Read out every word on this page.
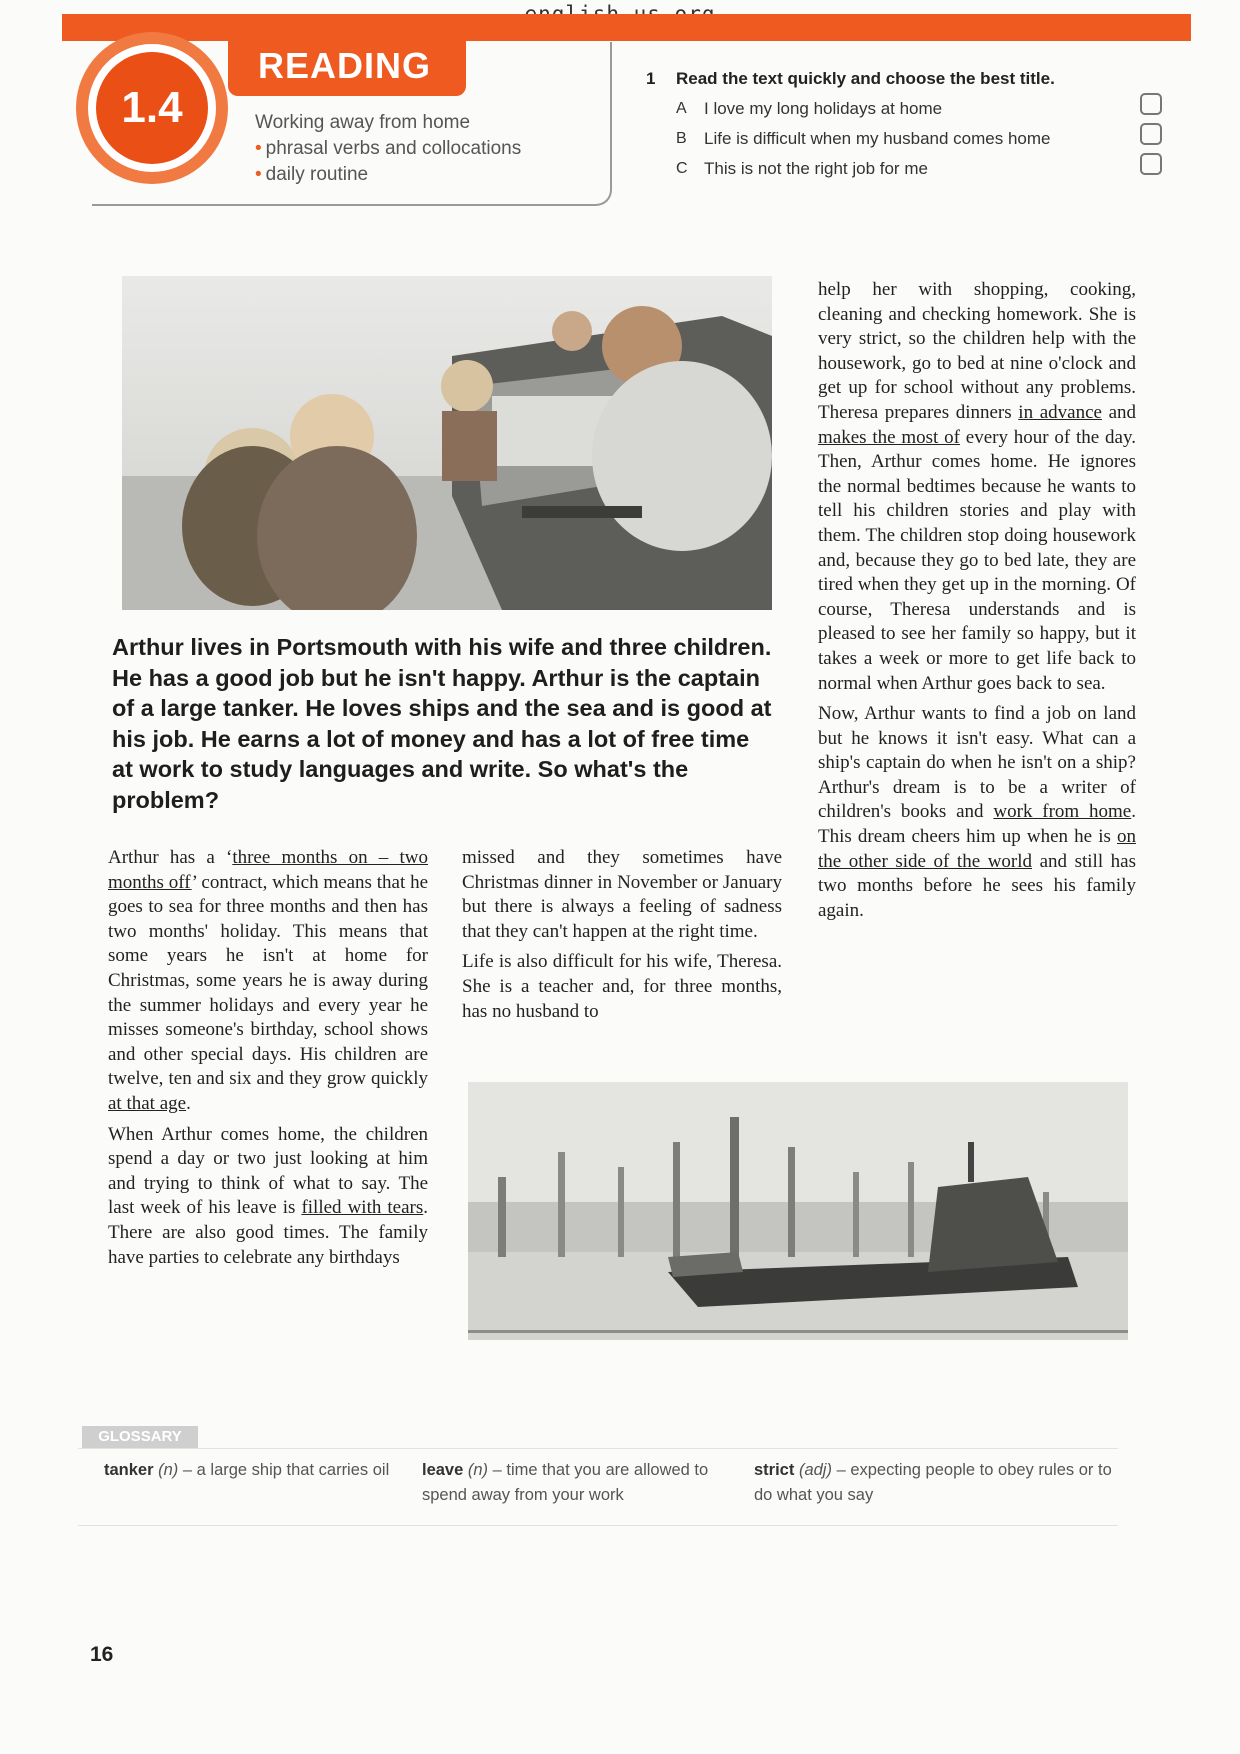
READING
1.4	Working away from home
• phrasal verbs and collocations
• daily routine
1 Read the text quickly and choose the best title.
A I love my long holidays at home
B Life is difficult when my husband comes home
C This is not the right job for me
Arthur lives in Portsmouth with his wife and three children. He has a good job but he isn't happy. Arthur is the captain of a large tanker. He loves ships and the sea and is good at his job. He earns a lot of money and has a lot of free time at work to study languages and write. So what's the problem?

Arthur has a ‘three months on – two months off’ contract, which means that he goes to sea for three months and then has two months' holiday. This means that some years he isn't at home for Christmas, some years he is away during the summer holidays and every year he misses someone's birthday, school shows and other special days. His children are twelve, ten and six and they grow quickly at that age.

When Arthur comes home, the children spend a day or two just looking at him and trying to think of what to say. The last week of his leave is filled with tears. There are also good times. The family have parties to celebrate any birthdays

missed and they sometimes have Christmas dinner in November or January but there is always a feeling of sadness that they can't happen at the right time.

Life is also difficult for his wife, Theresa. She is a teacher and, for three months, has no husband to

help her with shopping, cooking, cleaning and checking homework. She is very strict, so the children help with the housework, go to bed at nine o'clock and get up for school without any problems. Theresa prepares dinners in advance and makes the most of every hour of the day. Then, Arthur comes home. He ignores the normal bedtimes because he wants to tell his children stories and play with them. The children stop doing housework and, because they go to bed late, they are tired when they get up in the morning. Of course, Theresa understands and is pleased to see her family so happy, but it takes a week or more to get life back to normal when Arthur goes back to sea.

Now, Arthur wants to find a job on land but he knows it isn't easy. What can a ship's captain do when he isn't on a ship? Arthur's dream is to be a writer of children's books and work from home. This dream cheers him up when he is on the other side of the world and still has two months before he sees his family again.

GLOSSARY
tanker (n) – a large ship that carries oil	leave (n) – time that you are allowed to spend away from your work
strict (adj) – expecting people to obey rules or to do what you say
16
